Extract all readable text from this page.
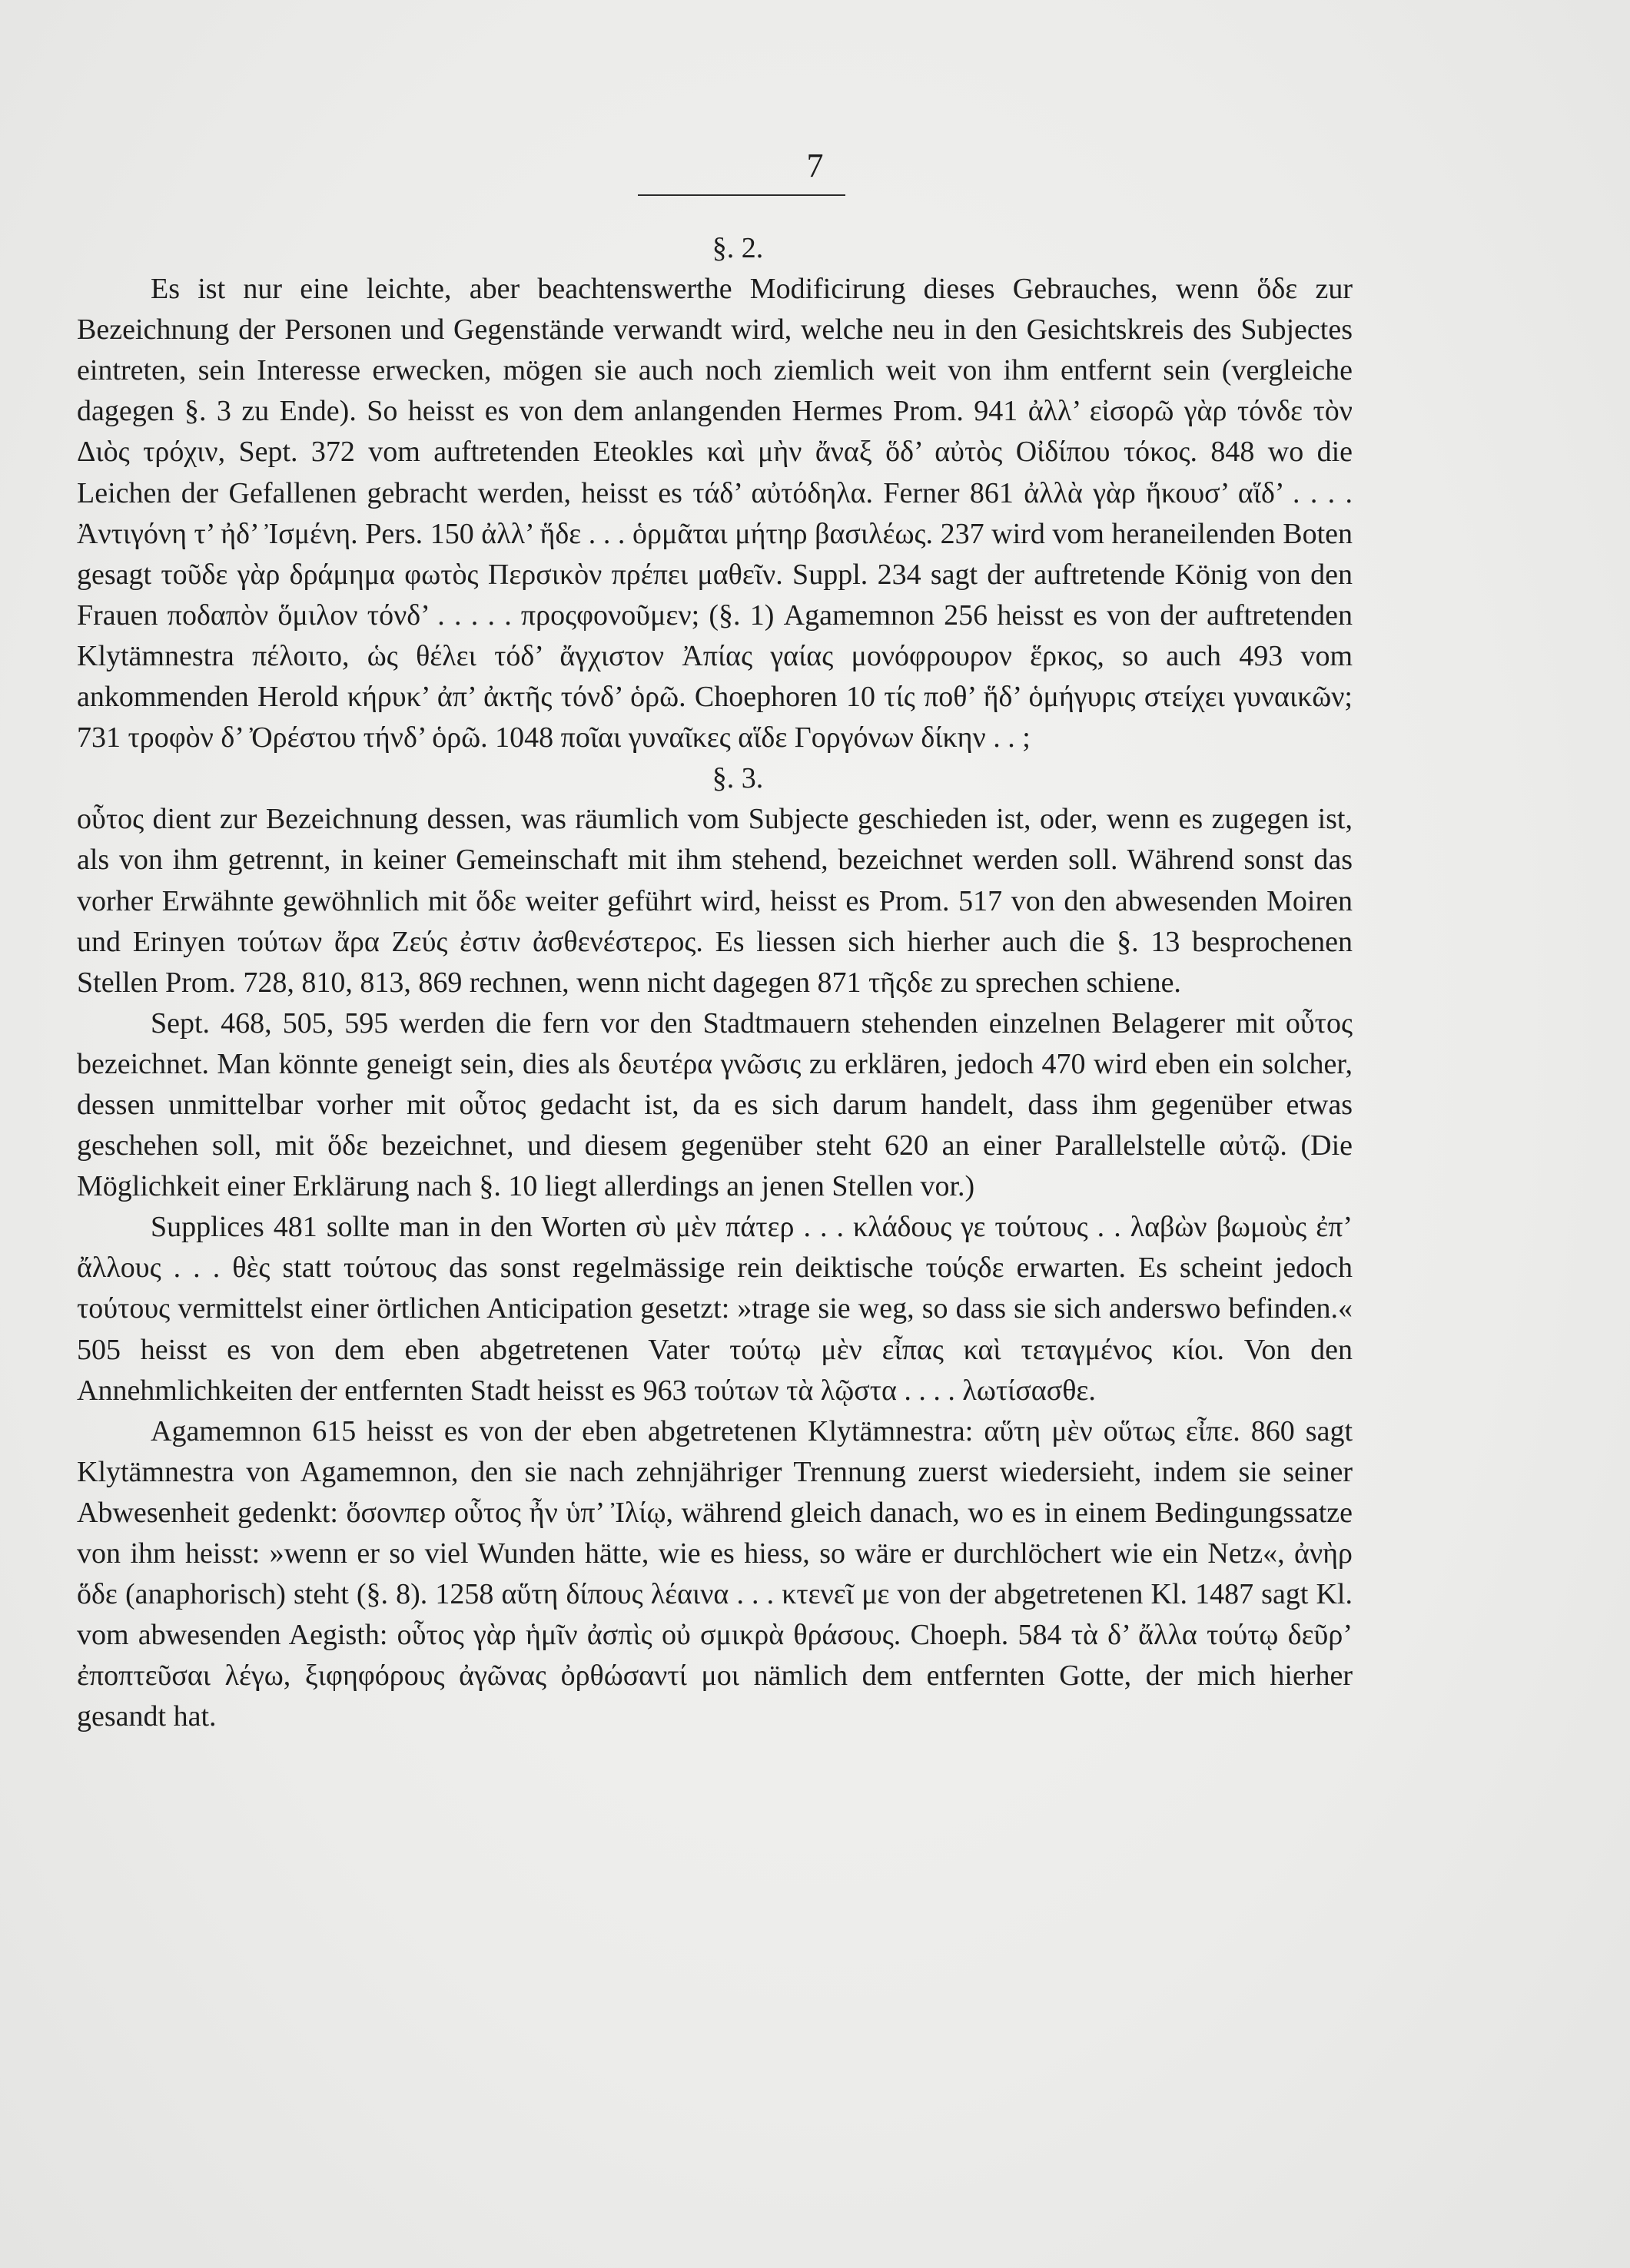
7

§. 2.

Es ist nur eine leichte, aber beachtenswerthe Modificirung dieses Gebrauches, wenn ὅδε zur Bezeichnung der Personen und Gegenstände verwandt wird, welche neu in den Gesichtskreis des Subjectes eintreten, sein Interesse erwecken, mögen sie auch noch ziemlich weit von ihm entfernt sein (vergleiche dagegen §. 3 zu Ende). So heisst es von dem anlangenden Hermes Prom. 941 ἀλλ’ εἰσορῶ γὰρ τόνδε τὸν Διὸς τρόχιν, Sept. 372 vom auftretenden Eteokles καὶ μὴν ἄναξ ὅδ’ αὐτὸς Οἰδίπου τόκος. 848 wo die Leichen der Gefallenen gebracht werden, heisst es τάδ’ αὐτόδηλα. Ferner 861 ἀλλὰ γὰρ ἥκουσ’ αἵδ’ . . . . Ἀντιγόνη τ’ ἠδ’ Ἰσμένη. Pers. 150 ἀλλ’ ἥδε . . . ὁρμᾶται μήτηρ βασιλέως. 237 wird vom heraneilenden Boten gesagt τοῦδε γὰρ δράμημα φωτὸς Περσικὸν πρέπει μαθεῖν. Suppl. 234 sagt der auftretende König von den Frauen ποδαπὸν ὅμιλον τόνδ’ . . . . . προςφονοῦμεν; (§. 1) Agamemnon 256 heisst es von der auftretenden Klytämnestra πέλοιτο, ὡς θέλει τόδ’ ἄγχιστον Ἀπίας γαίας μονόφρουρον ἕρκος, so auch 493 vom ankommenden Herold κήρυκ’ ἀπ’ ἀκτῆς τόνδ’ ὁρῶ. Choephoren 10 τίς ποθ’ ἥδ’ ὁμήγυρις στείχει γυναικῶν; 731 τροφὸν δ’ Ὀρέστου τήνδ’ ὁρῶ. 1048 ποῖαι γυναῖκες αἵδε Γοργόνων δίκην . . ;

§. 3.

οὗτος dient zur Bezeichnung dessen, was räumlich vom Subjecte geschieden ist, oder, wenn es zugegen ist, als von ihm getrennt, in keiner Gemeinschaft mit ihm stehend, bezeichnet werden soll. Während sonst das vorher Erwähnte gewöhnlich mit ὅδε weiter geführt wird, heisst es Prom. 517 von den abwesenden Moiren und Erinyen τούτων ἄρα Ζεύς ἐστιν ἀσθενέστερος. Es liessen sich hierher auch die §. 13 besprochenen Stellen Prom. 728, 810, 813, 869 rechnen, wenn nicht dagegen 871 τῆςδε zu sprechen schiene.

Sept. 468, 505, 595 werden die fern vor den Stadtmauern stehenden einzelnen Belagerer mit οὗτος bezeichnet. Man könnte geneigt sein, dies als δευτέρα γνῶσις zu erklären, jedoch 470 wird eben ein solcher, dessen unmittelbar vorher mit οὗτος gedacht ist, da es sich darum handelt, dass ihm gegenüber etwas geschehen soll, mit ὅδε bezeichnet, und diesem gegenüber steht 620 an einer Parallelstelle αὐτῷ. (Die Möglichkeit einer Erklärung nach §. 10 liegt allerdings an jenen Stellen vor.)

Supplices 481 sollte man in den Worten σὺ μὲν πάτερ . . . κλάδους γε τούτους . . λαβὼν βωμοὺς ἐπ’ ἄλλους . . . θὲς statt τούτους das sonst regelmässige rein deiktische τούςδε erwarten. Es scheint jedoch τούτους vermittelst einer örtlichen Anticipation gesetzt: »trage sie weg, so dass sie sich anderswo befinden.« 505 heisst es von dem eben abgetretenen Vater τούτῳ μὲν εἶπας καὶ τεταγμένος κίοι. Von den Annehmlichkeiten der entfernten Stadt heisst es 963 τούτων τὰ λῷστα . . . . λωτίσασθε.

Agamemnon 615 heisst es von der eben abgetretenen Klytämnestra: αὕτη μὲν οὕτως εἶπε. 860 sagt Klytämnestra von Agamemnon, den sie nach zehnjähriger Trennung zuerst wiedersieht, indem sie seiner Abwesenheit gedenkt: ὅσονπερ οὗτος ἦν ὑπ’ Ἰλίῳ, während gleich danach, wo es in einem Bedingungssatze von ihm heisst: »wenn er so viel Wunden hätte, wie es hiess, so wäre er durchlöchert wie ein Netz«, ἀνὴρ ὅδε (anaphorisch) steht (§. 8). 1258 αὕτη δίπους λέαινα . . . κτενεῖ με von der abgetretenen Kl. 1487 sagt Kl. vom abwesenden Aegisth: οὗτος γὰρ ἡμῖν ἀσπὶς οὐ σμικρὰ θράσους. Choeph. 584 τὰ δ’ ἄλλα τούτῳ δεῦρ’ ἐποπτεῦσαι λέγω, ξιφηφόρους ἀγῶνας ὀρθώσαντί μοι nämlich dem entfernten Gotte, der mich hierher gesandt hat.
